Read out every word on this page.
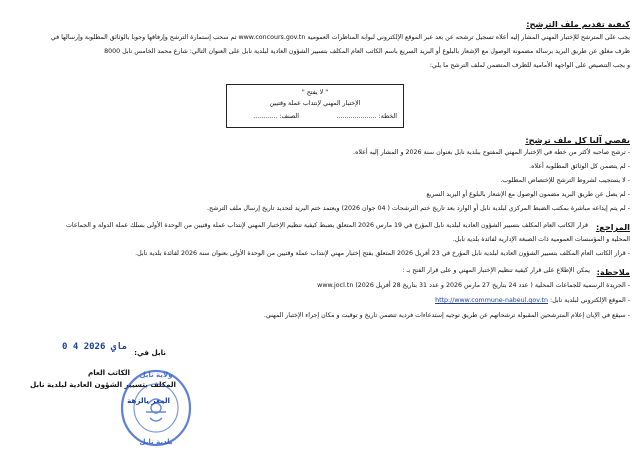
كيفية تقديم ملف الترشح:
يجب على المترشح للإختبار المهني المشار إليه أعلاه تسجيل ترشحه عن بعد عبر الموقع الإلكتروني لبوابة المناظرات العمومية www.concours.gov.tn ثم سحب إستمارة الترشح وإرفاقها وجوبا بالوثائق المطلوبة وإرسالها في
ظرف مغلق عن طريق البريد برسالة مضمونة الوصول مع الإشعار بالبلوغ أو البريد السريع باسم الكاتب العام المكلف بتسيير الشؤون العادية لبلدية نابل على العنوان التالي: شارع محمد الخامس نابل 8000
و يجب التنصيص على الواجهة الأمامية للظرف المتضمن لملف الترشح ما يلي:
" لا يفتح "
الإختبار المهني لإنتداب عملة وقتيين
الخطة: ....................
الصنف: ............
يقصى آليا كل ملف ترشح:
- ترشح صاحبه لأكثر من خطة في الإختبار المهني المفتوح ببلدية نابل بعنوان سنة 2026 و المشار إليه أعلاه.
- لم يتضمن كل الوثائق المطلوبة أعلاه.
- لا يستجيب لشروط الترشح للإختصاص المطلوب.
- لم يصل عن طريق البريد مضمون الوصول مع الإشعار بالبلوغ أو البريد السريع
- لم يتم إيداعه مباشرة بمكتب الضبط المركزي لبلدية نابل أو الوارد بعد تاريخ ختم الترشحات ( 04 جوان 2026) ويعتمد ختم البريد لتحديد تاريخ إرسال ملف الترشح.
المراجع:
قرار الكاتب العام المكلف بتسيير الشؤون العادية لبلدية نابل المؤرخ في 19 مارس 2026 المتعلق بضبط كيفية تنظيم الإختبار المهني لإنتداب عملة وقتيين من الوحدة الأولى بسلك عملة الدولة و الجماعات
المحلية و المؤسسات العمومية ذات الصبغة الإدارية لفائدة بلدية نابل.
- قرار الكاتب العام المكلف بتسيير الشؤون العادية لبلدية نابل المؤرخ في 23 أفريل 2026 المتعلق بفتح إختبار مهني لإنتداب عملة وقتيين من الوحدة الأولى بعنوان سنة 2026 لفائدة بلدية نابل.
ملاحظة:
يمكن الإطلاع على قرار كيفية تنظيم الإختبار المهني و على قرار الفتح بـ :
- الجريدة الرسمية للجماعات المحلية ( عدد 24 بتاريخ 27 مارس 2026 و عدد 31 بتاريخ 28 أفريل 2026) www.jocl.tn
- الموقع الإلكتروني لبلدية نابل: http://www.commune-nabeul.gov.tn
- سيقع في الإبان إعلام المترشحين المقبولة ترشحاتهم عن طريق توجيه إستدعاءات فردية تتضمن تاريخ و توقيت و مكان إجراء الإختبار المهني.
نابل في:
0 4 ماي 2026
الكاتب العام
المكلف بتسيير الشؤون العادية لبلدية نابل
المعز بالزهة
ولاية نابل
بلدية نابل
